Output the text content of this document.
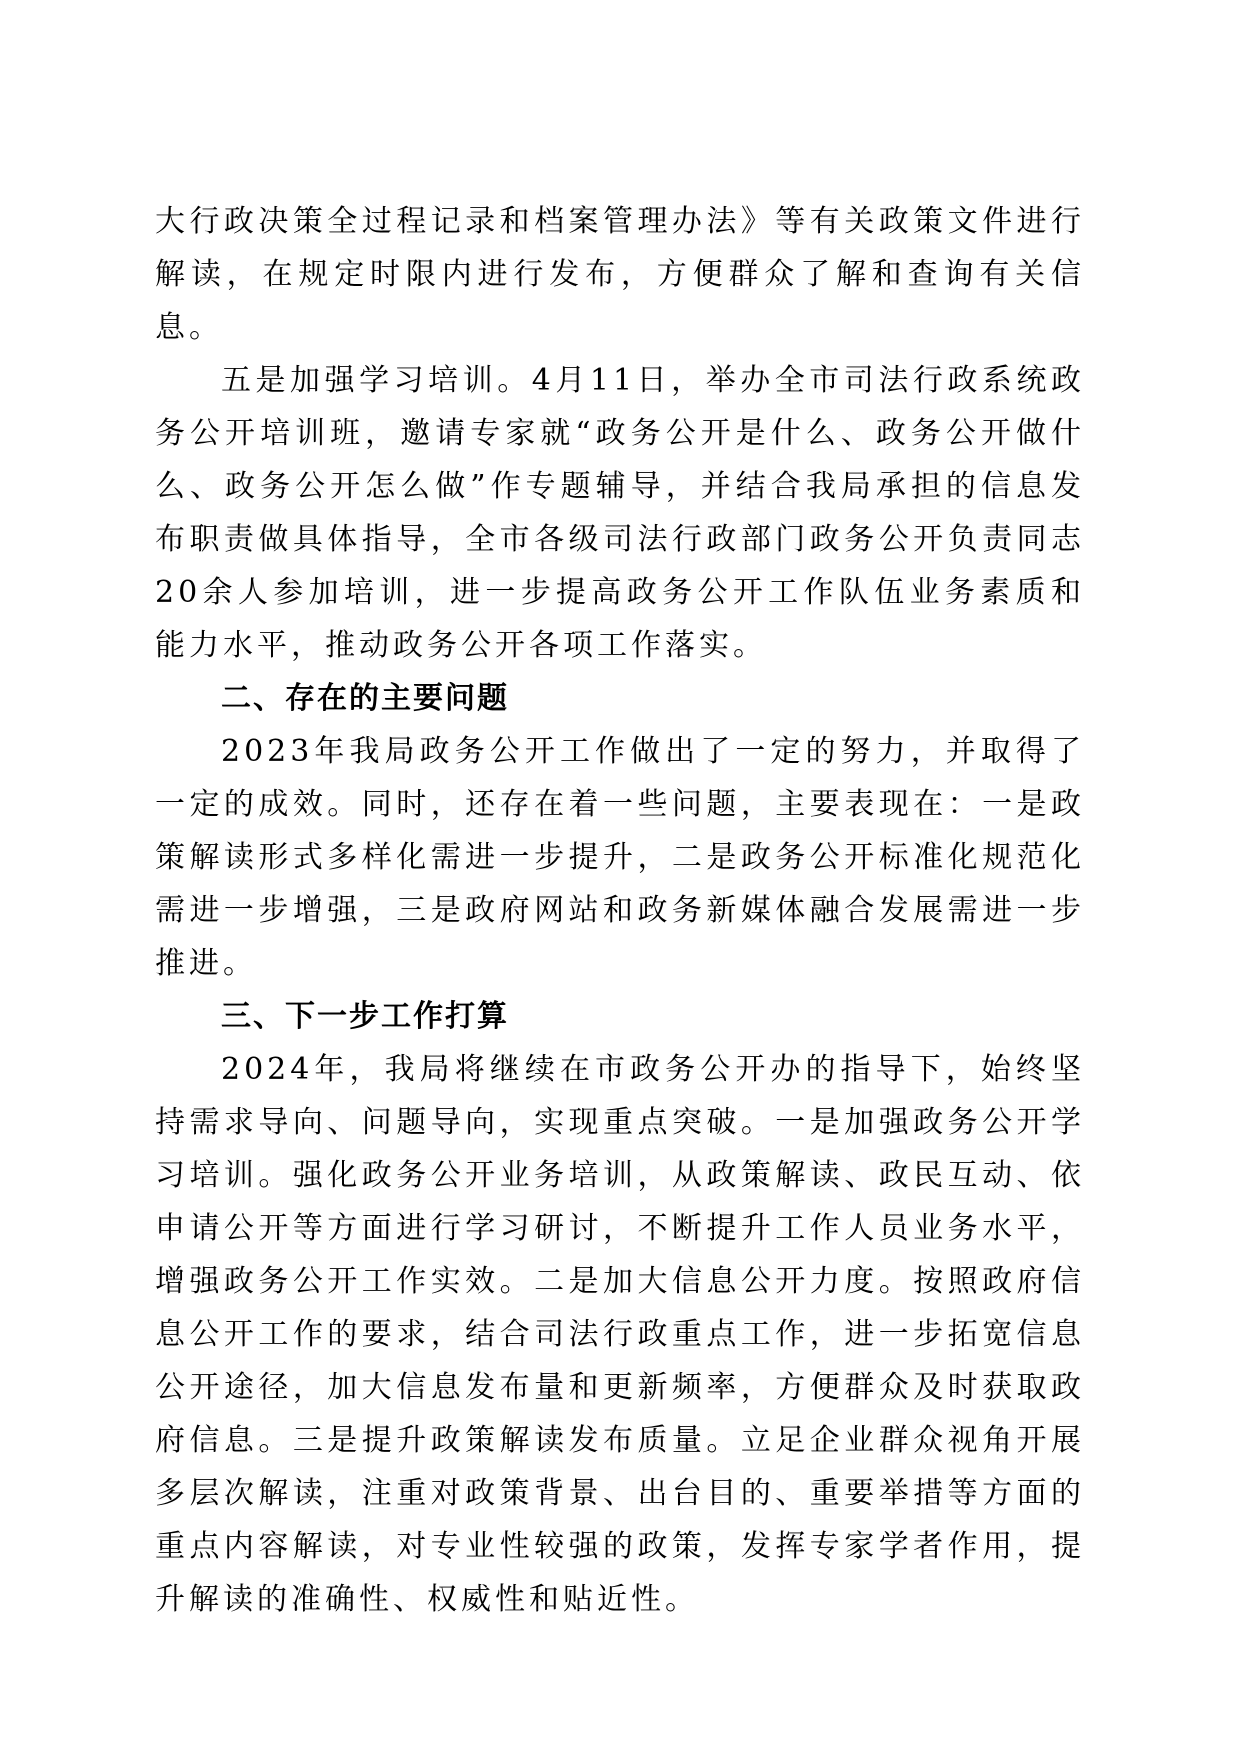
大行政决策全过程记录和档案管理办法》等有关政策文件进行解读，在规定时限内进行发布，方便群众了解和查询有关信息。

五是加强学习培训。4月11日，举办全市司法行政系统政务公开培训班，邀请专家就“政务公开是什么、政务公开做什么、政务公开怎么做”作专题辅导，并结合我局承担的信息发布职责做具体指导，全市各级司法行政部门政务公开负责同志20余人参加培训，进一步提高政务公开工作队伍业务素质和能力水平，推动政务公开各项工作落实。

二、存在的主要问题

2023年我局政务公开工作做出了一定的努力，并取得了一定的成效。同时，还存在着一些问题，主要表现在：一是政策解读形式多样化需进一步提升，二是政务公开标准化规范化需进一步增强，三是政府网站和政务新媒体融合发展需进一步推进。

三、下一步工作打算

2024年，我局将继续在市政务公开办的指导下，始终坚持需求导向、问题导向，实现重点突破。一是加强政务公开学习培训。强化政务公开业务培训，从政策解读、政民互动、依申请公开等方面进行学习研讨，不断提升工作人员业务水平，增强政务公开工作实效。二是加大信息公开力度。按照政府信息公开工作的要求，结合司法行政重点工作，进一步拓宽信息公开途径，加大信息发布量和更新频率，方便群众及时获取政府信息。三是提升政策解读发布质量。立足企业群众视角开展多层次解读，注重对政策背景、出台目的、重要举措等方面的重点内容解读，对专业性较强的政策，发挥专家学者作用，提升解读的准确性、权威性和贴近性。
